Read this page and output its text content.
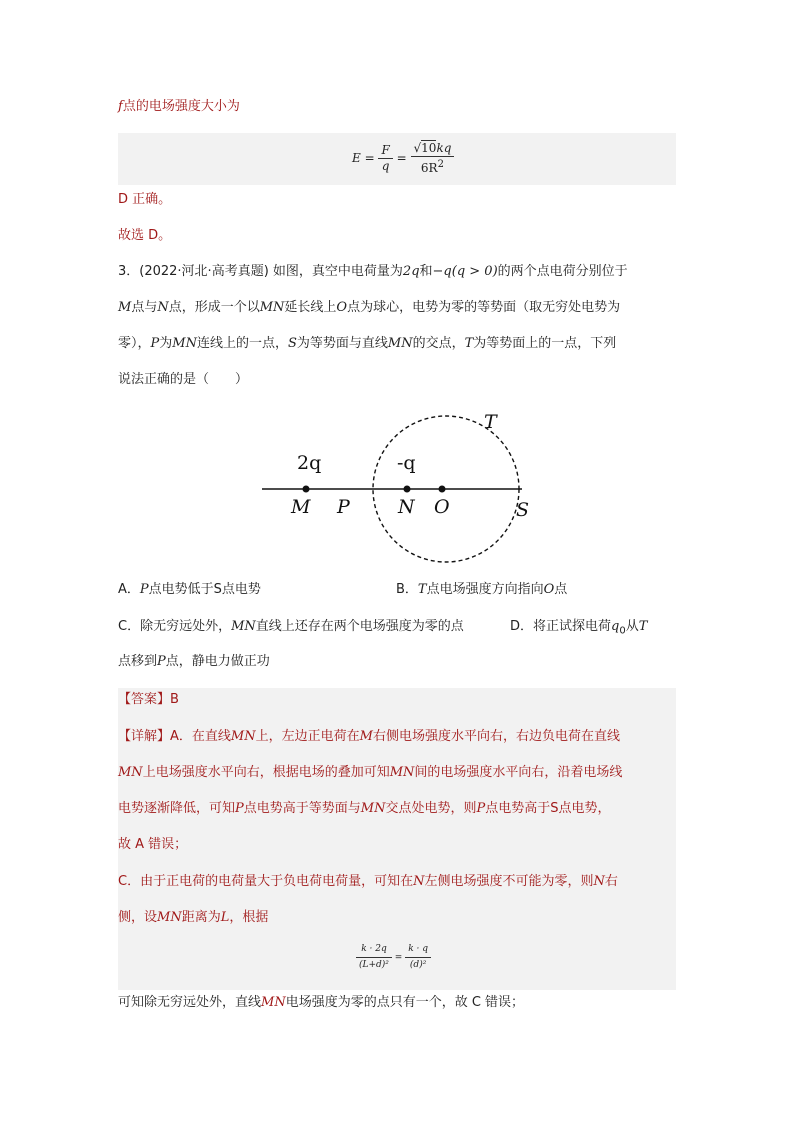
f点的电场强度大小为
$E = \frac{F}{q} = \frac{√10kq}{6R^2}$
D 正确。
故选 D。
3．(2022·河北·高考真题) 如图，真空中电荷量为2q和−q(q > 0)的两个点电荷分别位于
M点与N点，形成一个以MN延长线上O点为球心，电势为零的等势面（取无穷处电势为
零），P为MN连线上的一点，S为等势面与直线MN的交点，T为等势面上的一点，下列
说法正确的是（　　）
T
2q	-q
M P	N O	S
A．P点电势低于S点电势	B．T点电场强度方向指向O点
C．除无穷远处外，MN直线上还存在两个电场强度为零的点	D．将正试探电荷$q_0$从T
点移到P点，静电力做正功
【答案】B
【详解】A．在直线MN上，左边正电荷在M右侧电场强度水平向右，右边负电荷在直线
MN上电场强度水平向右，根据电场的叠加可知MN间的电场强度水平向右，沿着电场线
电势逐渐降低，可知P点电势高于等势面与MN交点处电势，则P点电势高于S点电势，
故 A 错误；
C．由于正电荷的电荷量大于负电荷电荷量，可知在N左侧电场强度不可能为零，则N右
侧，设MN距离为L，根据
$\frac{k \cdot 2q}{\text{(L+d)²}} = \frac{k \cdot q}{\text{(d)²}}$
可知除无穷远处外，直线MN电场强度为零的点只有一个，故 C 错误；
